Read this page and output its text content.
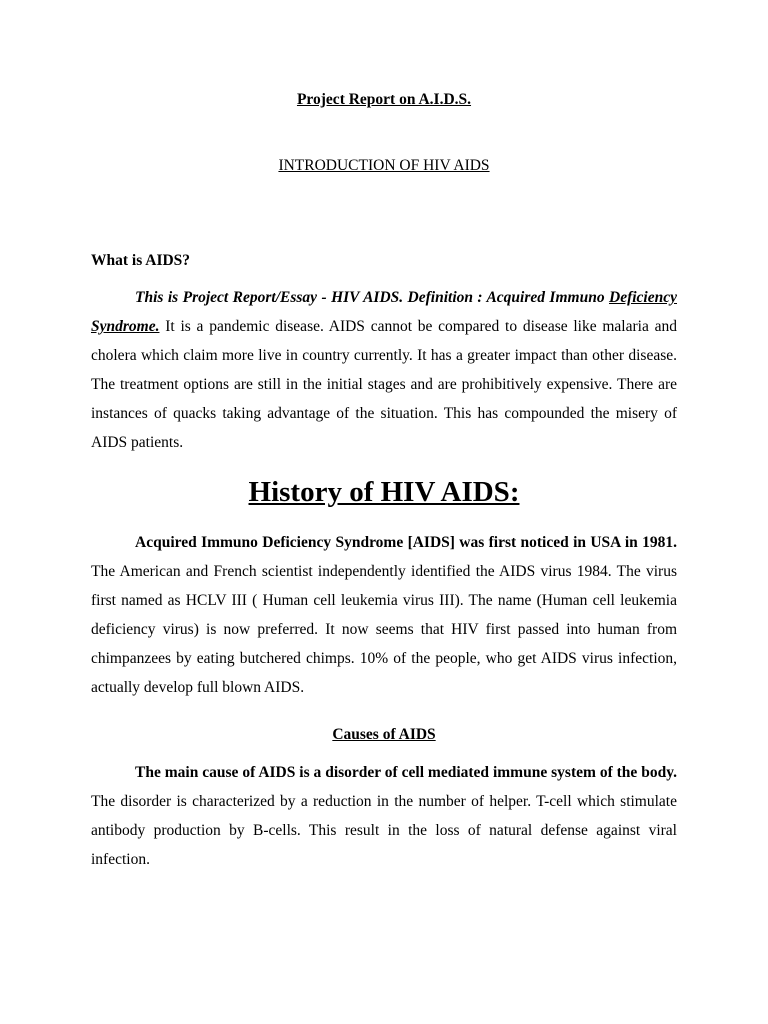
Project Report on A.I.D.S.
INTRODUCTION OF HIV AIDS
What is AIDS?

This is Project Report/Essay - HIV AIDS. Definition : Acquired Immuno Deficiency Syndrome. It is a pandemic disease. AIDS cannot be compared to disease like malaria and cholera which claim more live in country currently. It has a greater impact than other disease. The treatment options are still in the initial stages and are prohibitively expensive. There are instances of quacks taking advantage of the situation. This has compounded the misery of AIDS patients.

History of HIV AIDS:

Acquired Immuno Deficiency Syndrome [AIDS] was first noticed in USA in 1981. The American and French scientist independently identified the AIDS virus 1984. The virus first named as HCLV III ( Human cell leukemia virus III). The name (Human cell leukemia deficiency virus) is now preferred. It now seems that HIV first passed into human from chimpanzees by eating butchered chimps. 10% of the people, who get AIDS virus infection, actually develop full blown AIDS.

Causes of AIDS

The main cause of AIDS is a disorder of cell mediated immune system of the body. The disorder is characterized by a reduction in the number of helper. T-cell which stimulate antibody production by B-cells. This result in the loss of natural defense against viral infection.
